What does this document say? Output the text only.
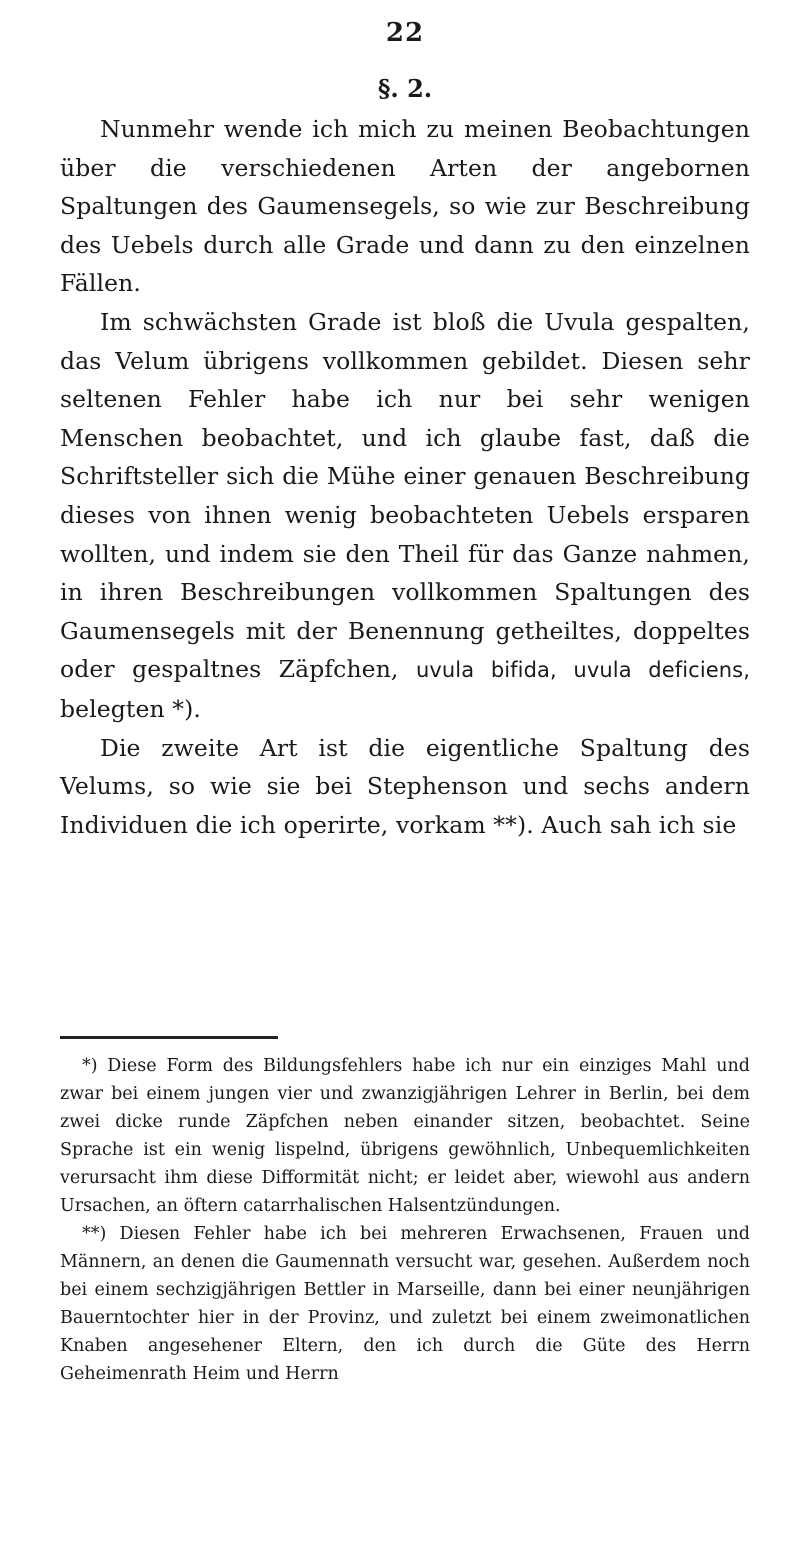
22
§. 2.

Nunmehr wende ich mich zu meinen Beobachtungen über die verschiedenen Arten der angebornen Spaltungen des Gaumensegels, so wie zur Beschreibung des Uebels durch alle Grade und dann zu den einzelnen Fällen.

Im schwächsten Grade ist bloß die Uvula gespalten, das Velum übrigens vollkommen gebildet. Diesen sehr seltenen Fehler habe ich nur bei sehr wenigen Menschen beobachtet, und ich glaube fast, daß die Schriftsteller sich die Mühe einer genauen Beschreibung dieses von ihnen wenig beobachteten Uebels ersparen wollten, und indem sie den Theil für das Ganze nahmen, in ihren Beschreibungen vollkommen Spaltungen des Gaumensegels mit der Benennung getheiltes, doppeltes oder gespaltnes Zäpfchen, uvula bifida, uvula deficiens, belegten *).

Die zweite Art ist die eigentliche Spaltung des Velums, so wie sie bei Stephenson und sechs andern Individuen die ich operirte, vorkam **). Auch sah ich sie

*) Diese Form des Bildungsfehlers habe ich nur ein einziges Mahl und zwar bei einem jungen vier und zwanzigjährigen Lehrer in Berlin, bei dem zwei dicke runde Zäpfchen neben einander sitzen, beobachtet. Seine Sprache ist ein wenig lispelnd, übrigens gewöhnlich, Unbequemlichkeiten verursacht ihm diese Difformität nicht; er leidet aber, wiewohl aus andern Ursachen, an öftern catarrhalischen Halsentzündungen.

**) Diesen Fehler habe ich bei mehreren Erwachsenen, Frauen und Männern, an denen die Gaumennath versucht war, gesehen. Außerdem noch bei einem sechzigjährigen Bettler in Marseille, dann bei einer neunjährigen Bauerntochter hier in der Provinz, und zuletzt bei einem zweimonatlichen Knaben angesehener Eltern, den ich durch die Güte des Herrn Geheimenrath Heim und Herrn
